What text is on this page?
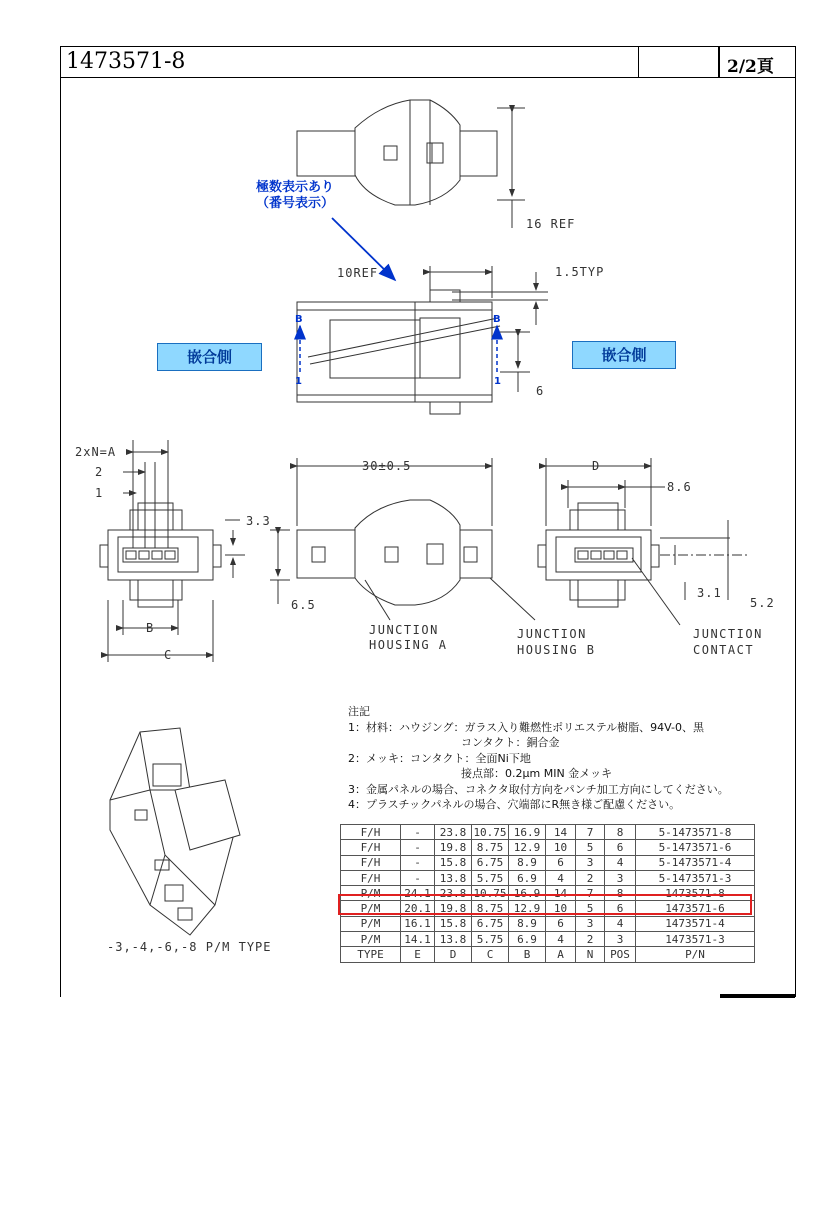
1473571-8	2/2頁
16 REF
10REF	1.5TYP
6
2xN=A
2
1
3.3
6.5
B
C
30±0.5	D
8.6
3.1
5.2
JUNCTION
HOUSING A
JUNCTION
HOUSING B
JUNCTION
CONTACT
B
1
B
1
極数表示あり
（番号表示）
嵌合側	嵌合側
-3,-4,-6,-8 P/M TYPE
注記
1：材料：ハウジング：ガラス入り難燃性ポリエステル樹脂、94V-0、黒
コンタクト：銅合金
2：メッキ：コンタクト：全面Ni下地
接点部：0.2μm MIN 金メッキ
3：金属パネルの場合、コネクタ取付方向をパンチ加工方向にしてください。
4：プラスチックパネルの場合、穴端部にR無き様ご配慮ください。
F/H	-	23.8	10.75	16.9	14	7	8	5-1473571-8
F/H	-	19.8	8.75	12.9	10	5	6	5-1473571-6
F/H	-	15.8	6.75	8.9	6	3	4	5-1473571-4
F/H	-	13.8	5.75	6.9	4	2	3	5-1473571-3
P/M	24.1	23.8	10.75	16.9	14	7	8	1473571-8
P/M	20.1	19.8	8.75	12.9	10	5	6	1473571-6
P/M	16.1	15.8	6.75	8.9	6	3	4	1473571-4
P/M	14.1	13.8	5.75	6.9	4	2	3	1473571-3
TYPE	E	D	C	B	A	N	POS	P/N
